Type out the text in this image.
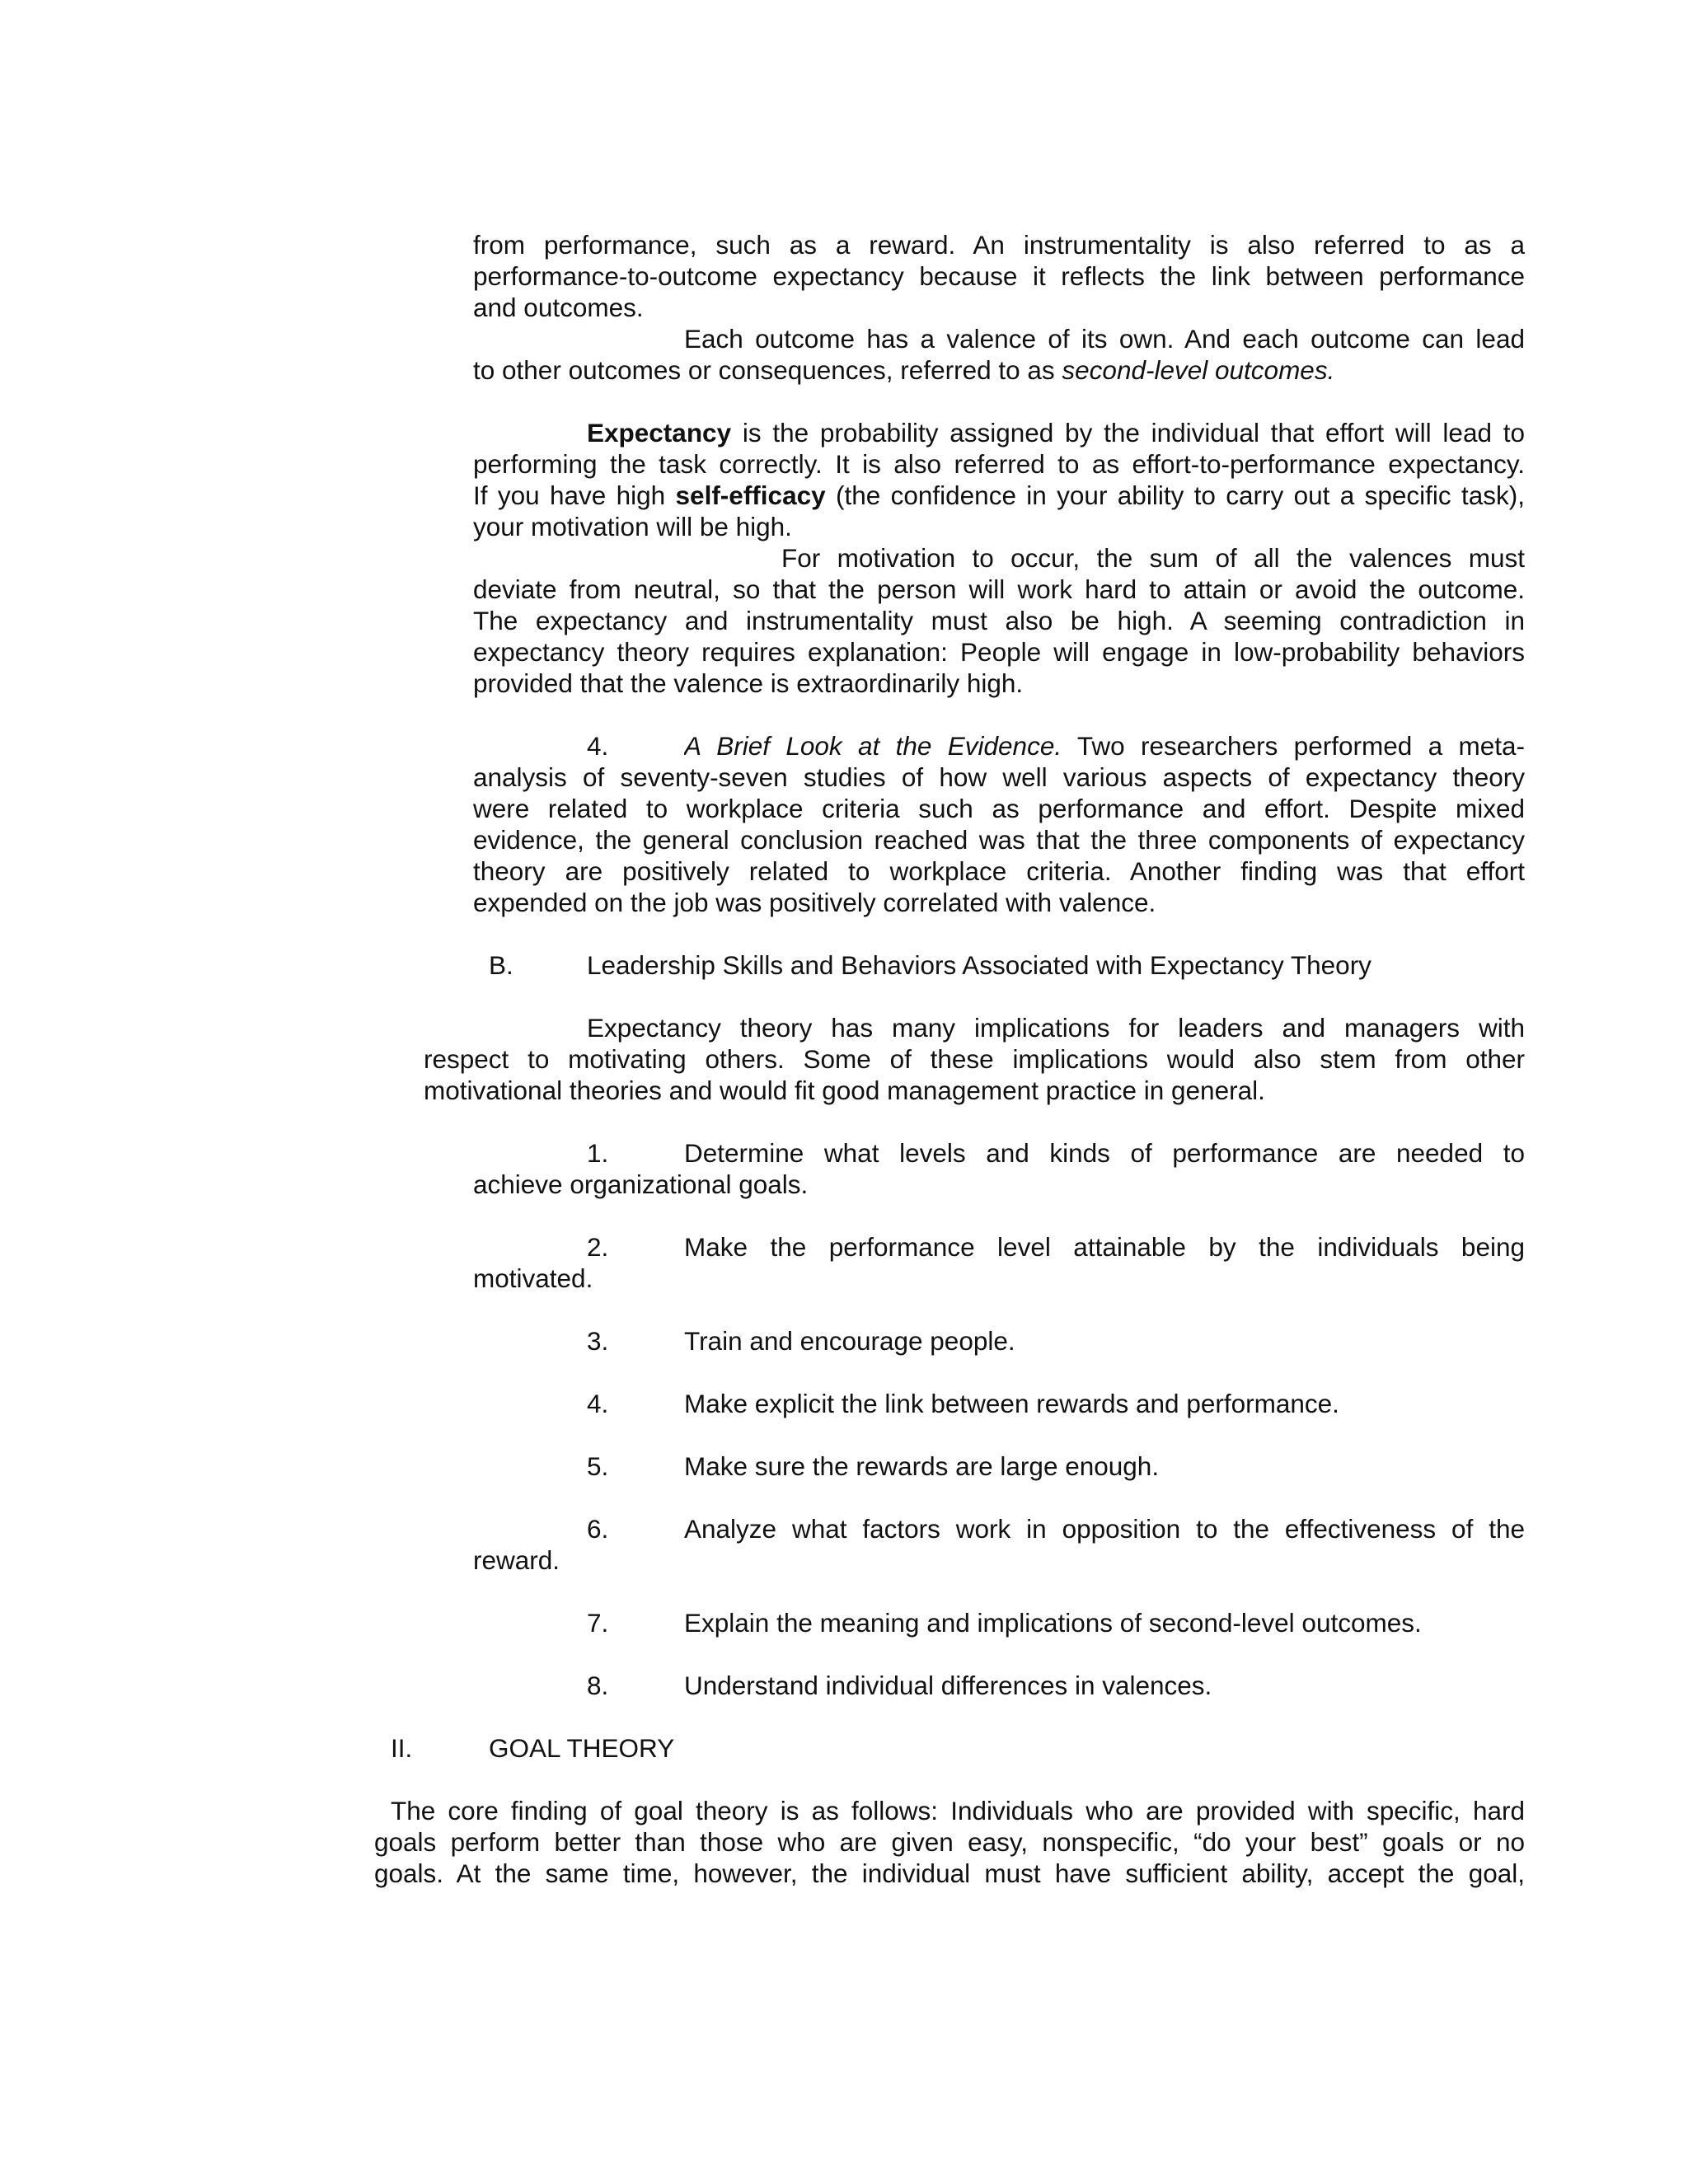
from performance, such as a reward. An instrumentality is also referred to as a
performance-to-outcome expectancy because it reflects the link between performance
and outcomes.
Each outcome has a valence of its own. And each outcome can lead
to other outcomes or consequences, referred to as second-level outcomes.
Expectancy is the probability assigned by the individual that effort will lead to
performing the task correctly. It is also referred to as effort-to-performance expectancy.
If you have high self-efficacy (the confidence in your ability to carry out a specific task),
your motivation will be high.
For motivation to occur, the sum of all the valences must
deviate from neutral, so that the person will work hard to attain or avoid the outcome.
The expectancy and instrumentality must also be high. A seeming contradiction in
expectancy theory requires explanation: People will engage in low-probability behaviors
provided that the valence is extraordinarily high.
4.	A Brief Look at the Evidence. Two researchers performed a meta-
analysis of seventy-seven studies of how well various aspects of expectancy theory
were related to workplace criteria such as performance and effort. Despite mixed
evidence, the general conclusion reached was that the three components of expectancy
theory are positively related to workplace criteria. Another finding was that effort
expended on the job was positively correlated with valence.
B.	Leadership Skills and Behaviors Associated with Expectancy Theory
Expectancy theory has many implications for leaders and managers with
respect to motivating others. Some of these implications would also stem from other
motivational theories and would fit good management practice in general.
1.	Determine what levels and kinds of performance are needed to
achieve organizational goals.
2.	Make the performance level attainable by the individuals being
motivated.
3.	Train and encourage people.
4.	Make explicit the link between rewards and performance.
5.	Make sure the rewards are large enough.
6.	Analyze what factors work in opposition to the effectiveness of the
reward.
7.	Explain the meaning and implications of second-level outcomes.
8.	Understand individual differences in valences.
II.	GOAL THEORY
The core finding of goal theory is as follows: Individuals who are provided with specific, hard
goals perform better than those who are given easy, nonspecific, “do your best” goals or no
goals. At the same time, however, the individual must have sufficient ability, accept the goal,
